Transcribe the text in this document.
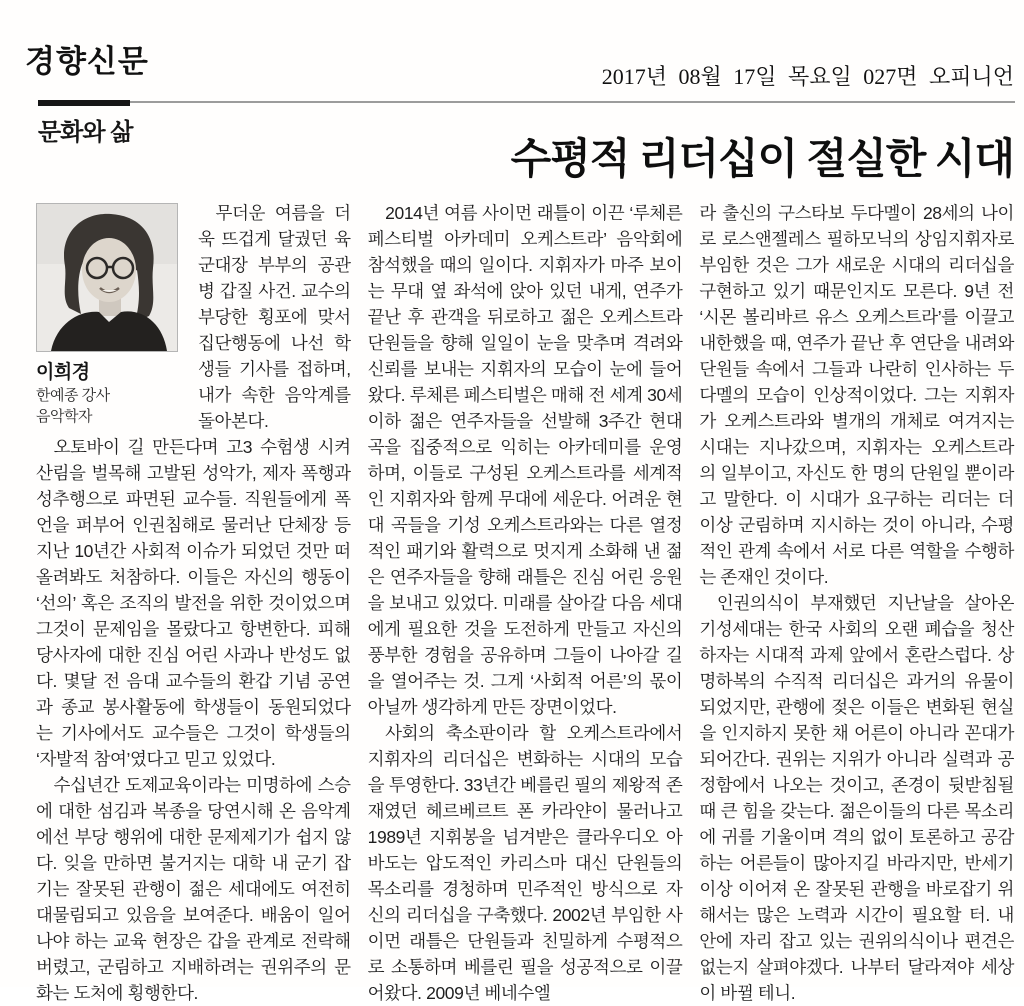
경향신문	2017년 08월 17일 목요일 027면 오피니언
문화와 삶
수평적 리더십이 절실한 시대
이희경
한예종 강사
음악학자

무더운 여름을 더욱 뜨겁게 달궜던 육군대장 부부의 공관병 갑질 사건. 교수의 부당한 횡포에 맞서 집단행동에 나선 학생들 기사를 접하며, 내가 속한 음악계를 돌아본다.

오토바이 길 만든다며 고3 수험생 시켜 산림을 벌목해 고발된 성악가, 제자 폭행과 성추행으로 파면된 교수들. 직원들에게 폭언을 퍼부어 인권침해로 물러난 단체장 등 지난 10년간 사회적 이슈가 되었던 것만 떠올려봐도 처참하다. 이들은 자신의 행동이 ‘선의’ 혹은 조직의 발전을 위한 것이었으며 그것이 문제임을 몰랐다고 항변한다. 피해 당사자에 대한 진심 어린 사과나 반성도 없다. 몇달 전 음대 교수들의 환갑 기념 공연과 종교 봉사활동에 학생들이 동원되었다는 기사에서도 교수들은 그것이 학생들의 ‘자발적 참여’였다고 믿고 있었다.

수십년간 도제교육이라는 미명하에 스승에 대한 섬김과 복종을 당연시해 온 음악계에선 부당 행위에 대한 문제제기가 쉽지 않다. 잊을 만하면 불거지는 대학 내 군기 잡기는 잘못된 관행이 젊은 세대에도 여전히 대물림되고 있음을 보여준다. 배움이 일어나야 하는 교육 현장은 갑을 관계로 전락해버렸고, 군림하고 지배하려는 권위주의 문화는 도처에 횡행한다.

2014년 여름 사이먼 래틀이 이끈 ‘루체른 페스티벌 아카데미 오케스트라’ 음악회에 참석했을 때의 일이다. 지휘자가 마주 보이는 무대 옆 좌석에 앉아 있던 내게, 연주가 끝난 후 관객을 뒤로하고 젊은 오케스트라 단원들을 향해 일일이 눈을 맞추며 격려와 신뢰를 보내는 지휘자의 모습이 눈에 들어왔다. 루체른 페스티벌은 매해 전 세계 30세 이하 젊은 연주자들을 선발해 3주간 현대 곡을 집중적으로 익히는 아카데미를 운영하며, 이들로 구성된 오케스트라를 세계적인 지휘자와 함께 무대에 세운다. 어려운 현대 곡들을 기성 오케스트라와는 다른 열정적인 패기와 활력으로 멋지게 소화해 낸 젊은 연주자들을 향해 래틀은 진심 어린 응원을 보내고 있었다. 미래를 살아갈 다음 세대에게 필요한 것을 도전하게 만들고 자신의 풍부한 경험을 공유하며 그들이 나아갈 길을 열어주는 것. 그게 ‘사회적 어른’의 몫이 아닐까 생각하게 만든 장면이었다.

사회의 축소판이라 할 오케스트라에서 지휘자의 리더십은 변화하는 시대의 모습을 투영한다. 33년간 베를린 필의 제왕적 존재였던 헤르베르트 폰 카라얀이 물러나고 1989년 지휘봉을 넘겨받은 클라우디오 아바도는 압도적인 카리스마 대신 단원들의 목소리를 경청하며 민주적인 방식으로 자신의 리더십을 구축했다. 2002년 부임한 사이먼 래틀은 단원들과 친밀하게 수평적으로 소통하며 베를린 필을 성공적으로 이끌어왔다. 2009년 베네수엘

라 출신의 구스타보 두다멜이 28세의 나이로 로스앤젤레스 필하모닉의 상임지휘자로 부임한 것은 그가 새로운 시대의 리더십을 구현하고 있기 때문인지도 모른다. 9년 전 ‘시몬 볼리바르 유스 오케스트라’를 이끌고 내한했을 때, 연주가 끝난 후 연단을 내려와 단원들 속에서 그들과 나란히 인사하는 두다멜의 모습이 인상적이었다. 그는 지휘자가 오케스트라와 별개의 개체로 여겨지는 시대는 지나갔으며, 지휘자는 오케스트라의 일부이고, 자신도 한 명의 단원일 뿐이라고 말한다. 이 시대가 요구하는 리더는 더 이상 군림하며 지시하는 것이 아니라, 수평적인 관계 속에서 서로 다른 역할을 수행하는 존재인 것이다.

인권의식이 부재했던 지난날을 살아온 기성세대는 한국 사회의 오랜 폐습을 청산하자는 시대적 과제 앞에서 혼란스럽다. 상명하복의 수직적 리더십은 과거의 유물이 되었지만, 관행에 젖은 이들은 변화된 현실을 인지하지 못한 채 어른이 아니라 꼰대가 되어간다. 권위는 지위가 아니라 실력과 공정함에서 나오는 것이고, 존경이 뒷받침될 때 큰 힘을 갖는다. 젊은이들의 다른 목소리에 귀를 기울이며 격의 없이 토론하고 공감하는 어른들이 많아지길 바라지만, 반세기 이상 이어져 온 잘못된 관행을 바로잡기 위해서는 많은 노력과 시간이 필요할 터. 내 안에 자리 잡고 있는 권위의식이나 편견은 없는지 살펴야겠다. 나부터 달라져야 세상이 바뀔 테니.
